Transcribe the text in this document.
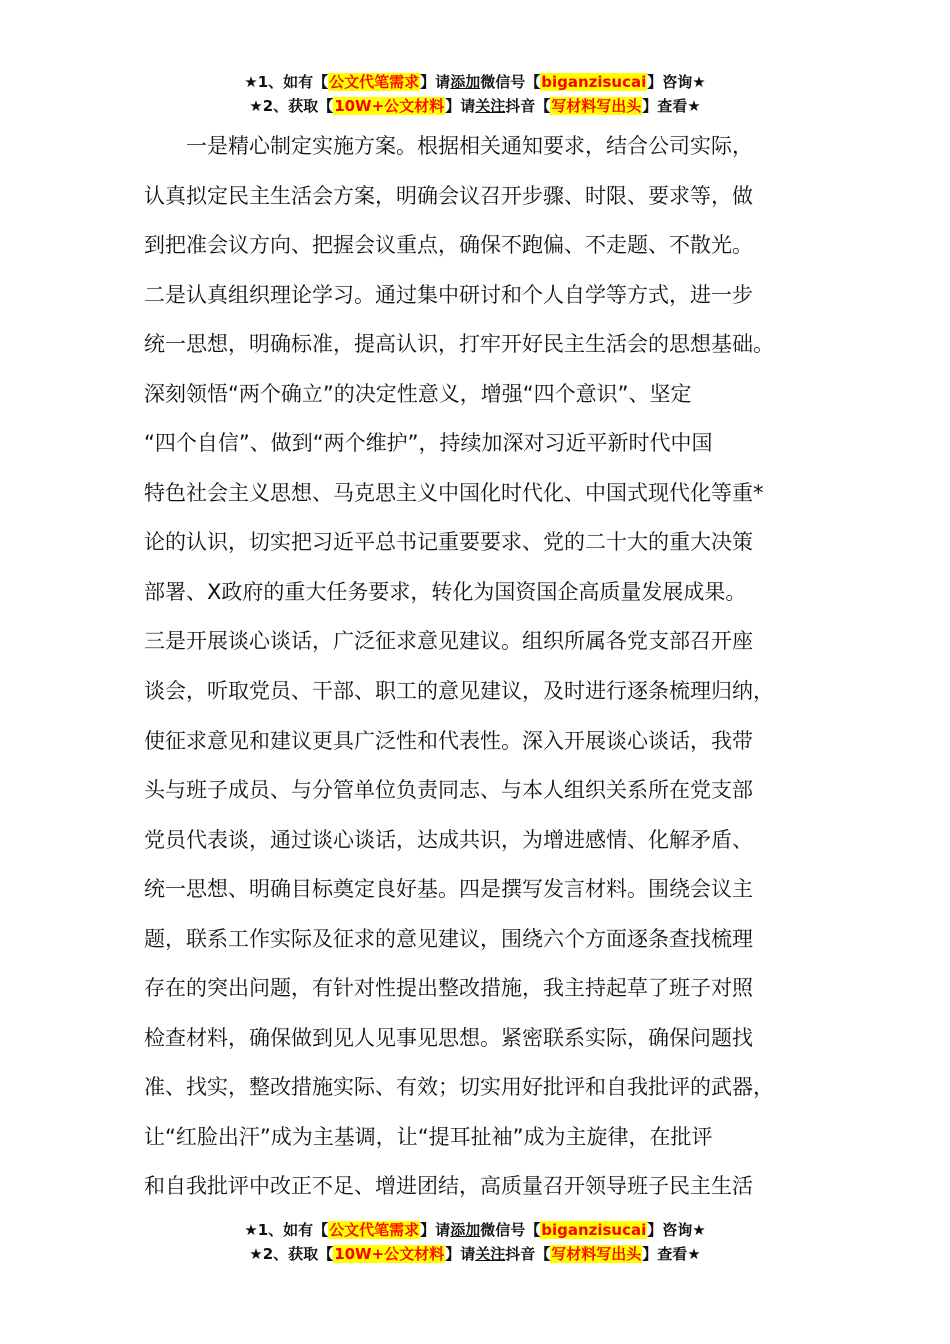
★1、如有【公文代笔需求】请添加微信号【biganzisucai】咨询★
★2、获取【10W+公文材料】请关注抖音【写材料写出头】查看★
　　一是精心制定实施方案。根据相关通知要求，结合公司实际，
认真拟定民主生活会方案，明确会议召开步骤、时限、要求等，做
到把准会议方向、把握会议重点，确保不跑偏、不走题、不散光。
二是认真组织理论学习。通过集中研讨和个人自学等方式，进一步
统一思想，明确标准，提高认识，打牢开好民主生活会的思想基础。
深刻领悟“两个确立”的决定性意义，增强“四个意识”、坚定
“四个自信”、做到“两个维护”，持续加深对习近平新时代中国
特色社会主义思想、马克思主义中国化时代化、中国式现代化等重*
论的认识，切实把习近平总书记重要要求、党的二十大的重大决策
部署、X政府的重大任务要求，转化为国资国企高质量发展成果。
三是开展谈心谈话，广泛征求意见建议。组织所属各党支部召开座
谈会，听取党员、干部、职工的意见建议，及时进行逐条梳理归纳，
使征求意见和建议更具广泛性和代表性。深入开展谈心谈话，我带
头与班子成员、与分管单位负责同志、与本人组织关系所在党支部
党员代表谈，通过谈心谈话，达成共识，为增进感情、化解矛盾、
统一思想、明确目标奠定良好基。四是撰写发言材料。围绕会议主
题，联系工作实际及征求的意见建议，围绕六个方面逐条查找梳理
存在的突出问题，有针对性提出整改措施，我主持起草了班子对照
检查材料，确保做到见人见事见思想。紧密联系实际，确保问题找
准、找实，整改措施实际、有效；切实用好批评和自我批评的武器，
让“红脸出汗”成为主基调，让“提耳扯袖”成为主旋律，在批评
和自我批评中改正不足、增进团结，高质量召开领导班子民主生活
★1、如有【公文代笔需求】请添加微信号【biganzisucai】咨询★
★2、获取【10W+公文材料】请关注抖音【写材料写出头】查看★
